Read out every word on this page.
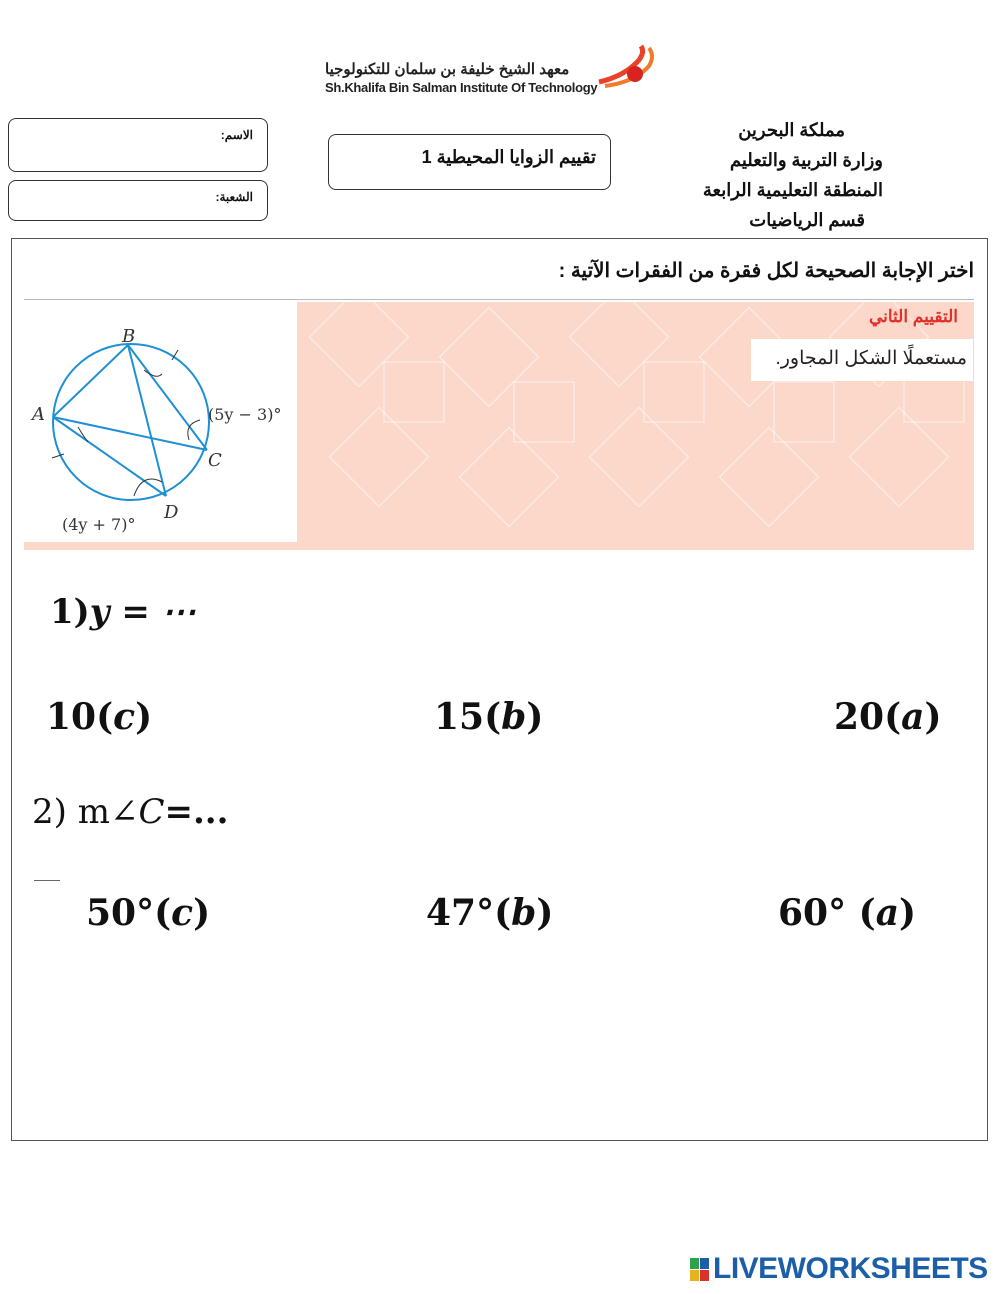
معهد الشيخ خليفة بن سلمان للتكنولوجيا
Sh.Khalifa Bin Salman Institute Of Technology
الاسم:
الشعبة:
تقييم الزوايا المحيطية 1
مملكة البحرين
وزارة التربية والتعليم
المنطقة التعليمية الرابعة
قسم الرياضيات
اختر الإجابة الصحيحة لكل فقرة من الفقرات الآتية :
A
B
C
D
(5y − 3)°
(4y + 7)°
التقييم الثاني
مستعملًا الشكل المجاور.
1)y = ⋯
20(a)
15(b)
10(c)
2) m∠C=...
60° (a)
47°(b)
50°(c)
LIVEWORKSHEETS
